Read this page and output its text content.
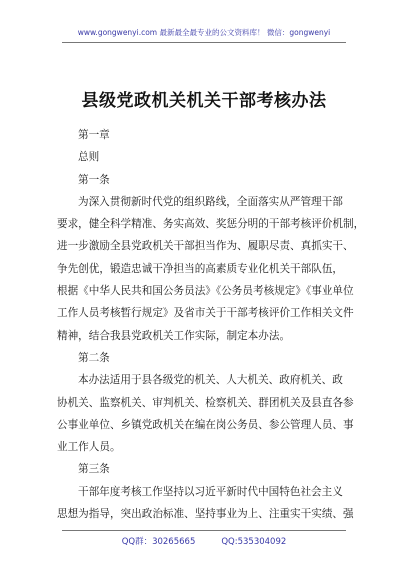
www.gongwenyi.com 最新最全最专业的公文资料库！ 微信：gongwenyi
县级党政机关机关干部考核办法

第一章

总则

第一条

为深入贯彻新时代党的组织路线，全面落实从严管理干部
要求，健全科学精准、务实高效、奖惩分明的干部考核评价机制，
进一步激励全县党政机关干部担当作为、履职尽责、真抓实干、
争先创优，锻造忠诚干净担当的高素质专业化机关干部队伍，
根据《中华人民共和国公务员法》《公务员考核规定》《事业单位
工作人员考核暂行规定》及省市关于干部考核评价工作相关文件
精神，结合我县党政机关工作实际，制定本办法。

第二条

本办法适用于县各级党的机关、人大机关、政府机关、政
协机关、监察机关、审判机关、检察机关、群团机关及县直各参
公事业单位、乡镇党政机关在编在岗公务员、参公管理人员、事
业工作人员。

第三条

干部年度考核工作坚持以习近平新时代中国特色社会主义
思想为指导，突出政治标准、坚持事业为上、注重实干实绩、强
QQ群：30265665	QQ:535304092
